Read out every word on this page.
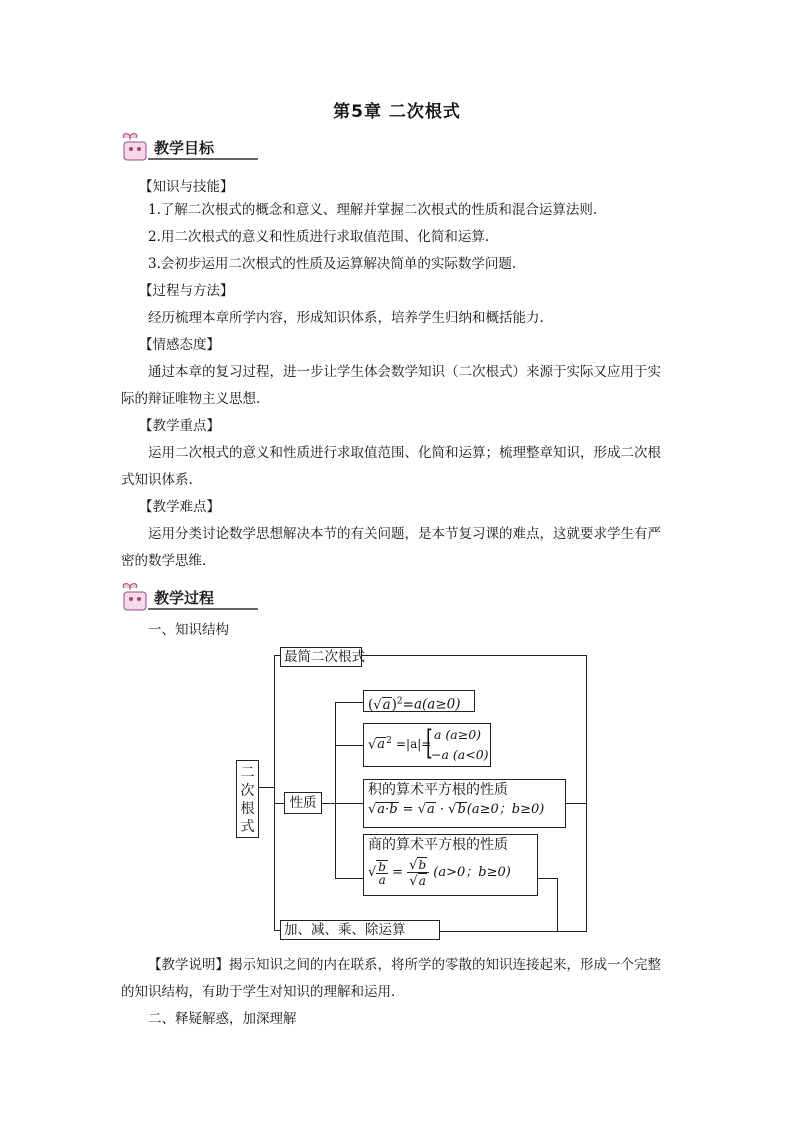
第5章 二次根式
教学目标
【知识与技能】
1.了解二次根式的概念和意义、理解并掌握二次根式的性质和混合运算法则.
2.用二次根式的意义和性质进行求取值范围、化简和运算.
3.会初步运用二次根式的性质及运算解决简单的实际数学问题.
【过程与方法】
经历梳理本章所学内容，形成知识体系，培养学生归纳和概括能力.
【情感态度】
通过本章的复习过程，进一步让学生体会数学知识（二次根式）来源于实际又应用于实
际的辩证唯物主义思想.
【教学重点】
运用二次根式的意义和性质进行求取值范围、化简和运算；梳理整章知识，形成二次根
式知识体系.
【教学难点】
运用分类讨论数学思想解决本节的有关问题，是本节复习课的难点，这就要求学生有严
密的数学思维.
教学过程
一、知识结构
二
次
根
式
最简二次根式
性质
加、减、乘、除运算
$(√a)^2=a(a\ge 0)$
$√a^2 =|a|=$
[ a (a≥0)
−a (a<0)
积的算术平方根的性质
√a·b = √a · √b(a≥0；b≥0)
商的算术平方根的性质
√ $\frac{b}{a} = \frac{√b}{√a} (a>0$；b≥0)
【教学说明】揭示知识之间的内在联系，将所学的零散的知识连接起来，形成一个完整
的知识结构，有助于学生对知识的理解和运用.
二、释疑解惑，加深理解
